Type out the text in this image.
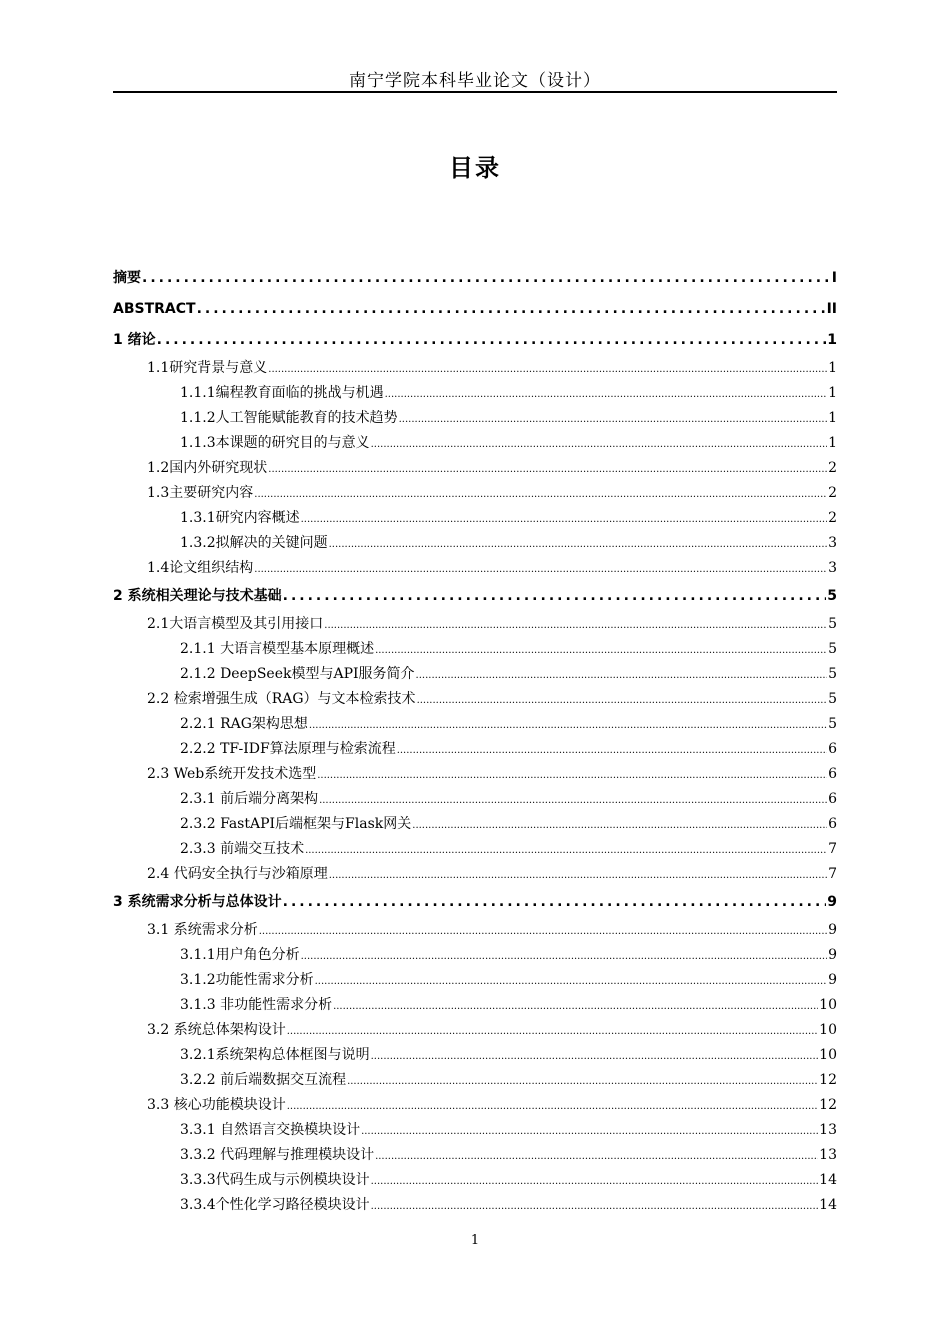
南宁学院本科毕业论文（设计）
目录
摘要 .....	I
ABSTRACT .....	II
1 绪论 .....	1
1.1研究背景与意义 .....	1
1.1.1编程教育面临的挑战与机遇 .....	1
1.1.2人工智能赋能教育的技术趋势 .....	1
1.1.3本课题的研究目的与意义 .....	1
1.2国内外研究现状 .....	2
1.3主要研究内容 .....	2
1.3.1研究内容概述 .....	2
1.3.2拟解决的关键问题 .....	3
1.4论文组织结构 .....	3
2 系统相关理论与技术基础 .....	5
2.1大语言模型及其引用接口 .....	5
2.1.1 大语言模型基本原理概述 .....	5
2.1.2 DeepSeek模型与API服务简介 .....	5
2.2 检索增强生成（RAG）与文本检索技术 .....	5
2.2.1 RAG架构思想 .....	5
2.2.2 TF-IDF算法原理与检索流程 .....	6
2.3 Web系统开发技术选型 .....	6
2.3.1 前后端分离架构 .....	6
2.3.2 FastAPI后端框架与Flask网关 .....	6
2.3.3 前端交互技术 .....	7
2.4 代码安全执行与沙箱原理 .....	7
3 系统需求分析与总体设计 .....	9
3.1 系统需求分析 .....	9
3.1.1用户角色分析 .....	9
3.1.2功能性需求分析 .....	9
3.1.3 非功能性需求分析 .....	10
3.2 系统总体架构设计 .....	10
3.2.1系统架构总体框图与说明 .....	10
3.2.2 前后端数据交互流程 .....	12
3.3 核心功能模块设计 .....	12
3.3.1 自然语言交换模块设计 .....	13
3.3.2 代码理解与推理模块设计 .....	13
3.3.3代码生成与示例模块设计 .....	14
3.3.4个性化学习路径模块设计 .....	14
1
